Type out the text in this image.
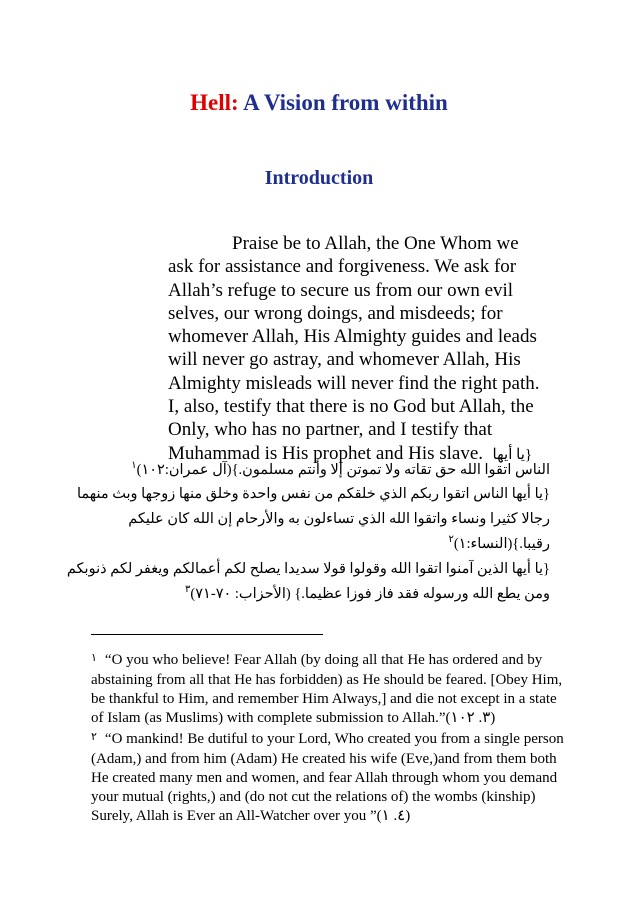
Hell: A Vision from within
Introduction
Praise be to Allah, the One Whom we
ask for assistance and forgiveness. We ask for
Allah’s refuge to secure us from our own evil
selves, our wrong doings, and misdeeds; for
whomever Allah, His Almighty guides and leads
will never go astray, and whomever Allah, His
Almighty misleads will never find the right path.
I, also, testify that there is no God but Allah, the
Only, who has no partner, and I testify that
Muhammad is His prophet and His slave. {يا أيها
الناس اتقوا الله حق تقاته ولا تموتن إلا وأنتم مسلمون.}(آل عمران:١٠٢)$^١$
{يا أيها الناس اتقوا ربكم الذي خلقكم من نفس واحدة وخلق منها زوجها وبث منهما
رجالا كثيرا ونساء واتقوا الله الذي تساءلون به والأرحام إن الله كان عليكم
رقيبا.}(النساء:١)$^٢$
{يا أيها الذين آمنوا اتقوا الله وقولوا قولا سديدا يصلح لكم أعمالكم ويغفر لكم ذنوبكم
ومن يطع الله ورسوله فقد فاز فوزا عظيما.} (الأحزاب: ٧٠-٧١)$^٣$
$^١$ “O you who believe! Fear Allah (by doing all that He has ordered and by
abstaining from all that He has forbidden) as He should be feared. [Obey Him,
be thankful to Him, and remember Him Always,] and die not except in a state
of Islam (as Muslims) with complete submission to Allah.”(٣. ١٠٢)
$^٢$ “O mankind! Be dutiful to your Lord, Who created you from a single person
(Adam,) and from him (Adam) He created his wife (Eve,)and from them both
He created many men and women, and fear Allah through whom you demand
your mutual (rights,) and (do not cut the relations of) the wombs (kinship)
Surely, Allah is Ever an All-Watcher over you ”(٤. ١)
